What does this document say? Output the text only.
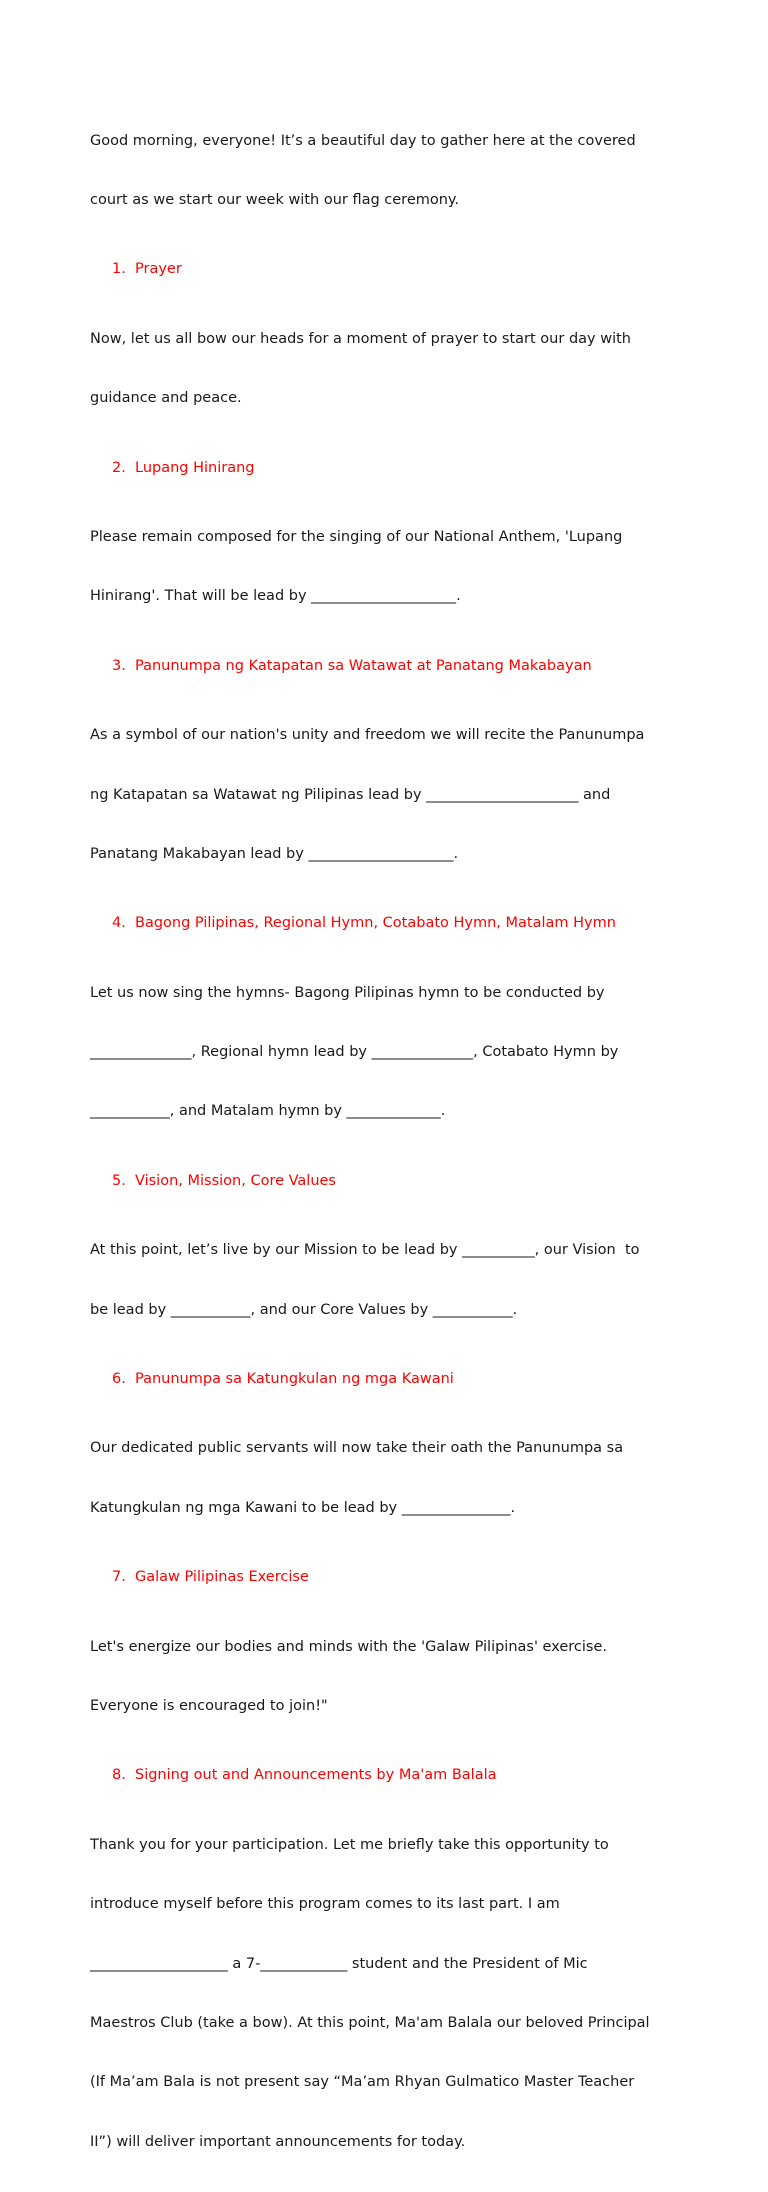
Good morning, everyone! It’s a beautiful day to gather here at the covered

court as we start our week with our flag ceremony.

1. Prayer

Now, let us all bow our heads for a moment of prayer to start our day with

guidance and peace.

2. Lupang Hinirang

Please remain composed for the singing of our National Anthem, 'Lupang

Hinirang'. That will be lead by ____________________.

3. Panunumpa ng Katapatan sa Watawat at Panatang Makabayan

As a symbol of our nation's unity and freedom we will recite the Panunumpa

ng Katapatan sa Watawat ng Pilipinas lead by _____________________ and

Panatang Makabayan lead by ____________________.

4. Bagong Pilipinas, Regional Hymn, Cotabato Hymn, Matalam Hymn

Let us now sing the hymns- Bagong Pilipinas hymn to be conducted by

______________, Regional hymn lead by ______________, Cotabato Hymn by

___________, and Matalam hymn by _____________.

5. Vision, Mission, Core Values

At this point, let’s live by our Mission to be lead by __________, our Vision  to

be lead by ___________, and our Core Values by ___________.

6. Panunumpa sa Katungkulan ng mga Kawani

Our dedicated public servants will now take their oath the Panunumpa sa

Katungkulan ng mga Kawani to be lead by _______________.

7. Galaw Pilipinas Exercise

Let's energize our bodies and minds with the 'Galaw Pilipinas' exercise.

Everyone is encouraged to join!"

8. Signing out and Announcements by Ma'am Balala

Thank you for your participation. Let me briefly take this opportunity to

introduce myself before this program comes to its last part. I am

___________________ a 7-____________ student and the President of Mic

Maestros Club (take a bow). At this point, Ma'am Balala our beloved Principal

(If Ma’am Bala is not present say “Ma’am Rhyan Gulmatico Master Teacher

II”) will deliver important announcements for today.
